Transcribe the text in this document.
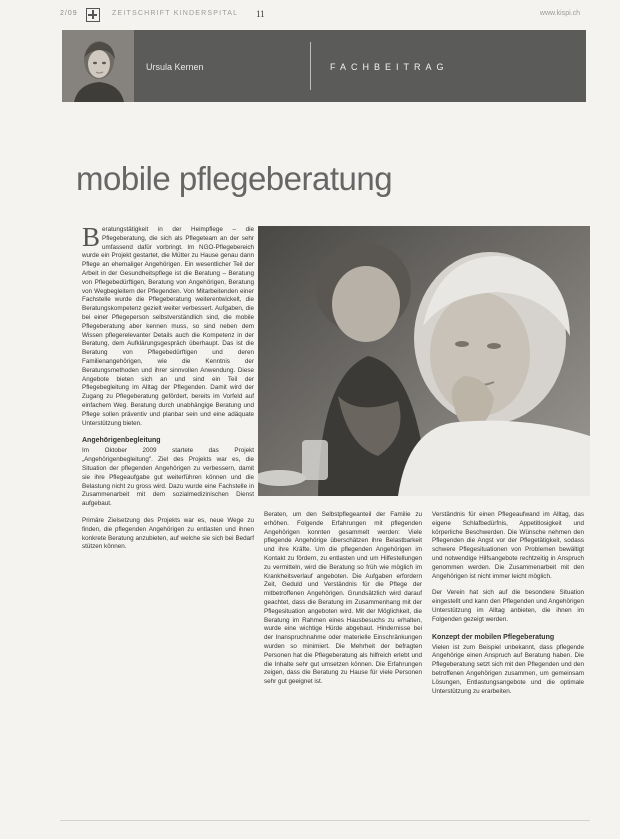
2/09	ZEITSCHRIFT KINDERSPITAL 11	www.kispi.ch
Ursula Kernen	FACHBEITRAG
mobile pflegeberatung

Beratungstätigkeit in der Heimpflege – die Pflegeberatung, die sich als Pflegeteam an der sehr umfassend dafür vorbringt. Im NGO-Pflegebereich wurde ein Projekt gestartet, die Mütter zu Hause genau dann Pflege an ehemaliger Angehörigen. Ein wesentlicher Teil der Arbeit in der Gesundheitspflege ist die Beratung – Beratung von Pflegebedürftigen, Beratung von Angehörigen, Beratung von Wegbegleitern der Pflegenden. Von Mitarbeitenden einer Fachstelle wurde die Pflegeberatung weiterentwickelt, die Beratungskompetenz gezielt weiter verbessert. Aufgaben, die bei einer Pflegeperson selbstverständlich sind, die mobile Pflegeberatung aber kennen muss, so sind neben dem Wissen pflegerelevanter Details auch die Kompetenz in der Beratung, dem Aufklärungsgespräch überhaupt. Das ist die Beratung von Pflegebedürftigen und deren Familienangehörigen, wie die Kenntnis der Beratungsmethoden und ihrer sinnvollen Anwendung. Diese Angebote bieten sich an und sind ein Teil der Pflegebegleitung im Alltag der Pflegenden. Damit wird der Zugang zu Pflegeberatung gefördert, bereits im Vorfeld auf einfachem Weg. Beratung durch unabhängige Beratung und Pflege sollen präventiv und planbar sein und eine adäquate Unterstützung bieten.

Angehörigenbegleitung

Im Oktober 2009 startete das Projekt „Angehörigenbegleitung". Ziel des Projekts war es, die Situation der pflegenden Angehörigen zu verbessern, damit sie ihre Pflegeaufgabe gut weiterführen können und die Belastung nicht zu gross wird. Dazu wurde eine Fachstelle in Zusammenarbeit mit dem sozialmedizinischen Dienst aufgebaut.

Primäre Zielsetzung des Projekts war es, neue Wege zu finden, die pflegenden Angehörigen zu entlasten und ihnen konkrete Beratung anzubieten, auf welche sie sich bei Bedarf stützen können.

Beraten, um den Selbstpflegeanteil der Familie zu erhöhen. Folgende Erfahrungen mit pflegenden Angehörigen konnten gesammelt werden: Viele pflegende Angehörige überschätzen ihre Belastbarkeit und ihre Kräfte. Um die pflegenden Angehörigen im Kontakt zu fördern, zu entlasten und um Hilfestellungen zu vermitteln, wird die Beratung so früh wie möglich im Krankheitsverlauf angeboten. Die Aufgaben erfordern Zeit, Geduld und Verständnis für die Pflege der mitbetroffenen Angehörigen. Grundsätzlich wird darauf geachtet, dass die Beratung im Zusammenhang mit der Pflegesituation angeboten wird. Mit der Möglichkeit, die Beratung im Rahmen eines Hausbesuchs zu erhalten, wurde eine wichtige Hürde abgebaut. Hindernisse bei der Inanspruchnahme oder materielle Einschränkungen wurden so minimiert. Die Mehrheit der befragten Personen hat die Pflegeberatung als hilfreich erlebt und die Inhalte sehr gut umsetzen können. Die Erfahrungen zeigen, dass die Beratung zu Hause für viele Personen sehr gut geeignet ist.

Verständnis für einen Pflegeaufwand im Alltag, das eigene Schlafbedürfnis, Appetitlosigkeit und körperliche Beschwerden. Die Wünsche nehmen den Pflegenden die Angst vor der Pflegetätigkeit, sodass schwere Pflegesituationen von Problemen bewältigt und notwendige Hilfsangebote rechtzeitig in Anspruch genommen werden. Die Zusammenarbeit mit den Angehörigen ist nicht immer leicht möglich.

Der Verein hat sich auf die besondere Situation eingestellt und kann den Pflegenden und Angehörigen Unterstützung im Alltag anbieten, die ihnen im Folgenden gezeigt werden.

Konzept der mobilen Pflegeberatung

Vielen ist zum Beispiel unbekannt, dass pflegende Angehörige einen Anspruch auf Beratung haben. Die Pflegeberatung setzt sich mit den Pflegenden und den betroffenen Angehörigen zusammen, um gemeinsam Lösungen, Entlastungsangebote und die optimale Unterstützung zu erarbeiten.
